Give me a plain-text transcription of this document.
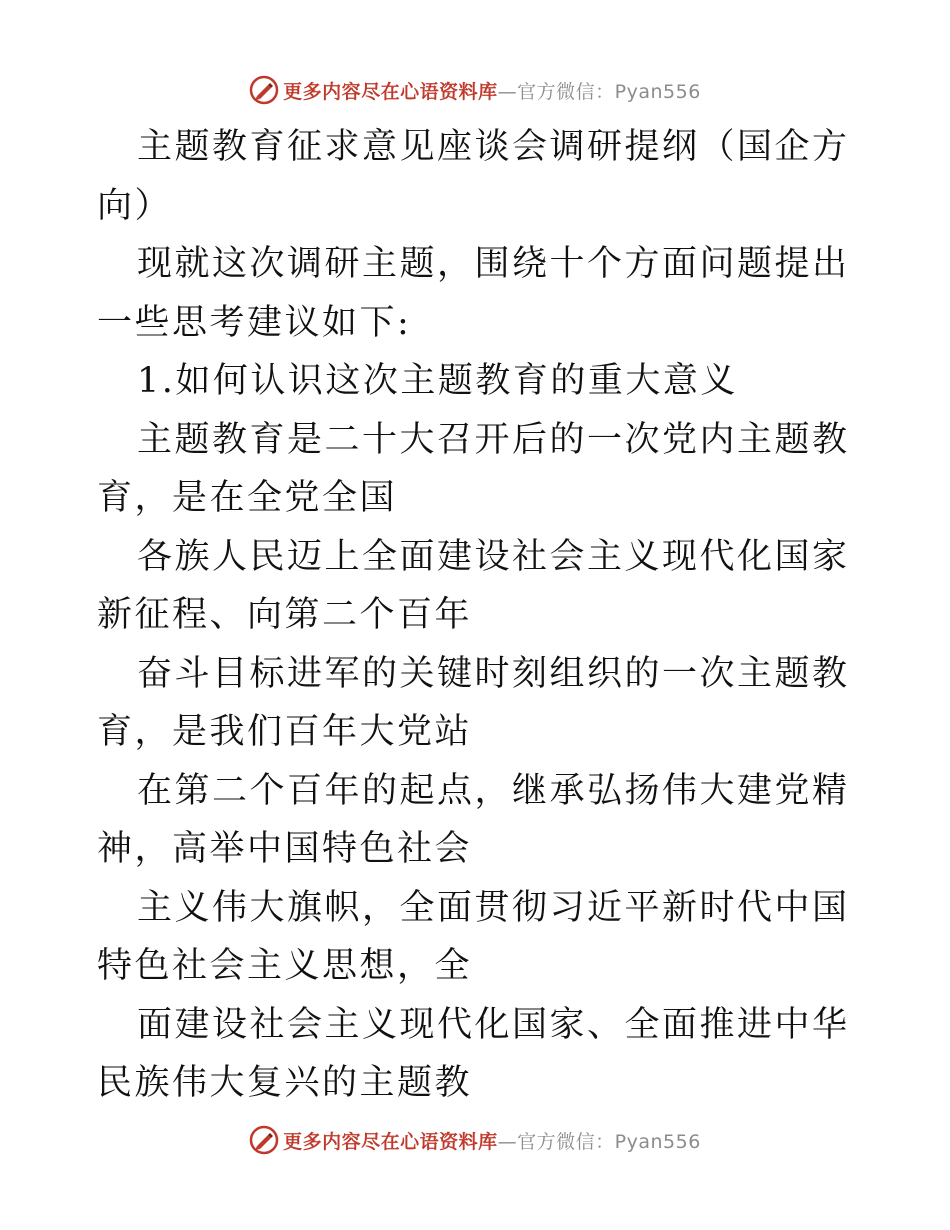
更多内容尽在心语资料库—官方微信：Pyan556

主题教育征求意见座谈会调研提纲（国企方向）

现就这次调研主题，围绕十个方面问题提出一些思考建议如下:

1.如何认识这次主题教育的重大意义

主题教育是二十大召开后的一次党内主题教育，是在全党全国

各族人民迈上全面建设社会主义现代化国家新征程、向第二个百年

奋斗目标进军的关键时刻组织的一次主题教育，是我们百年大党站

在第二个百年的起点，继承弘扬伟大建党精神，高举中国特色社会

主义伟大旗帜，全面贯彻习近平新时代中国特色社会主义思想，全

面建设社会主义现代化国家、全面推进中华民族伟大复兴的主题教

更多内容尽在心语资料库—官方微信：Pyan556
